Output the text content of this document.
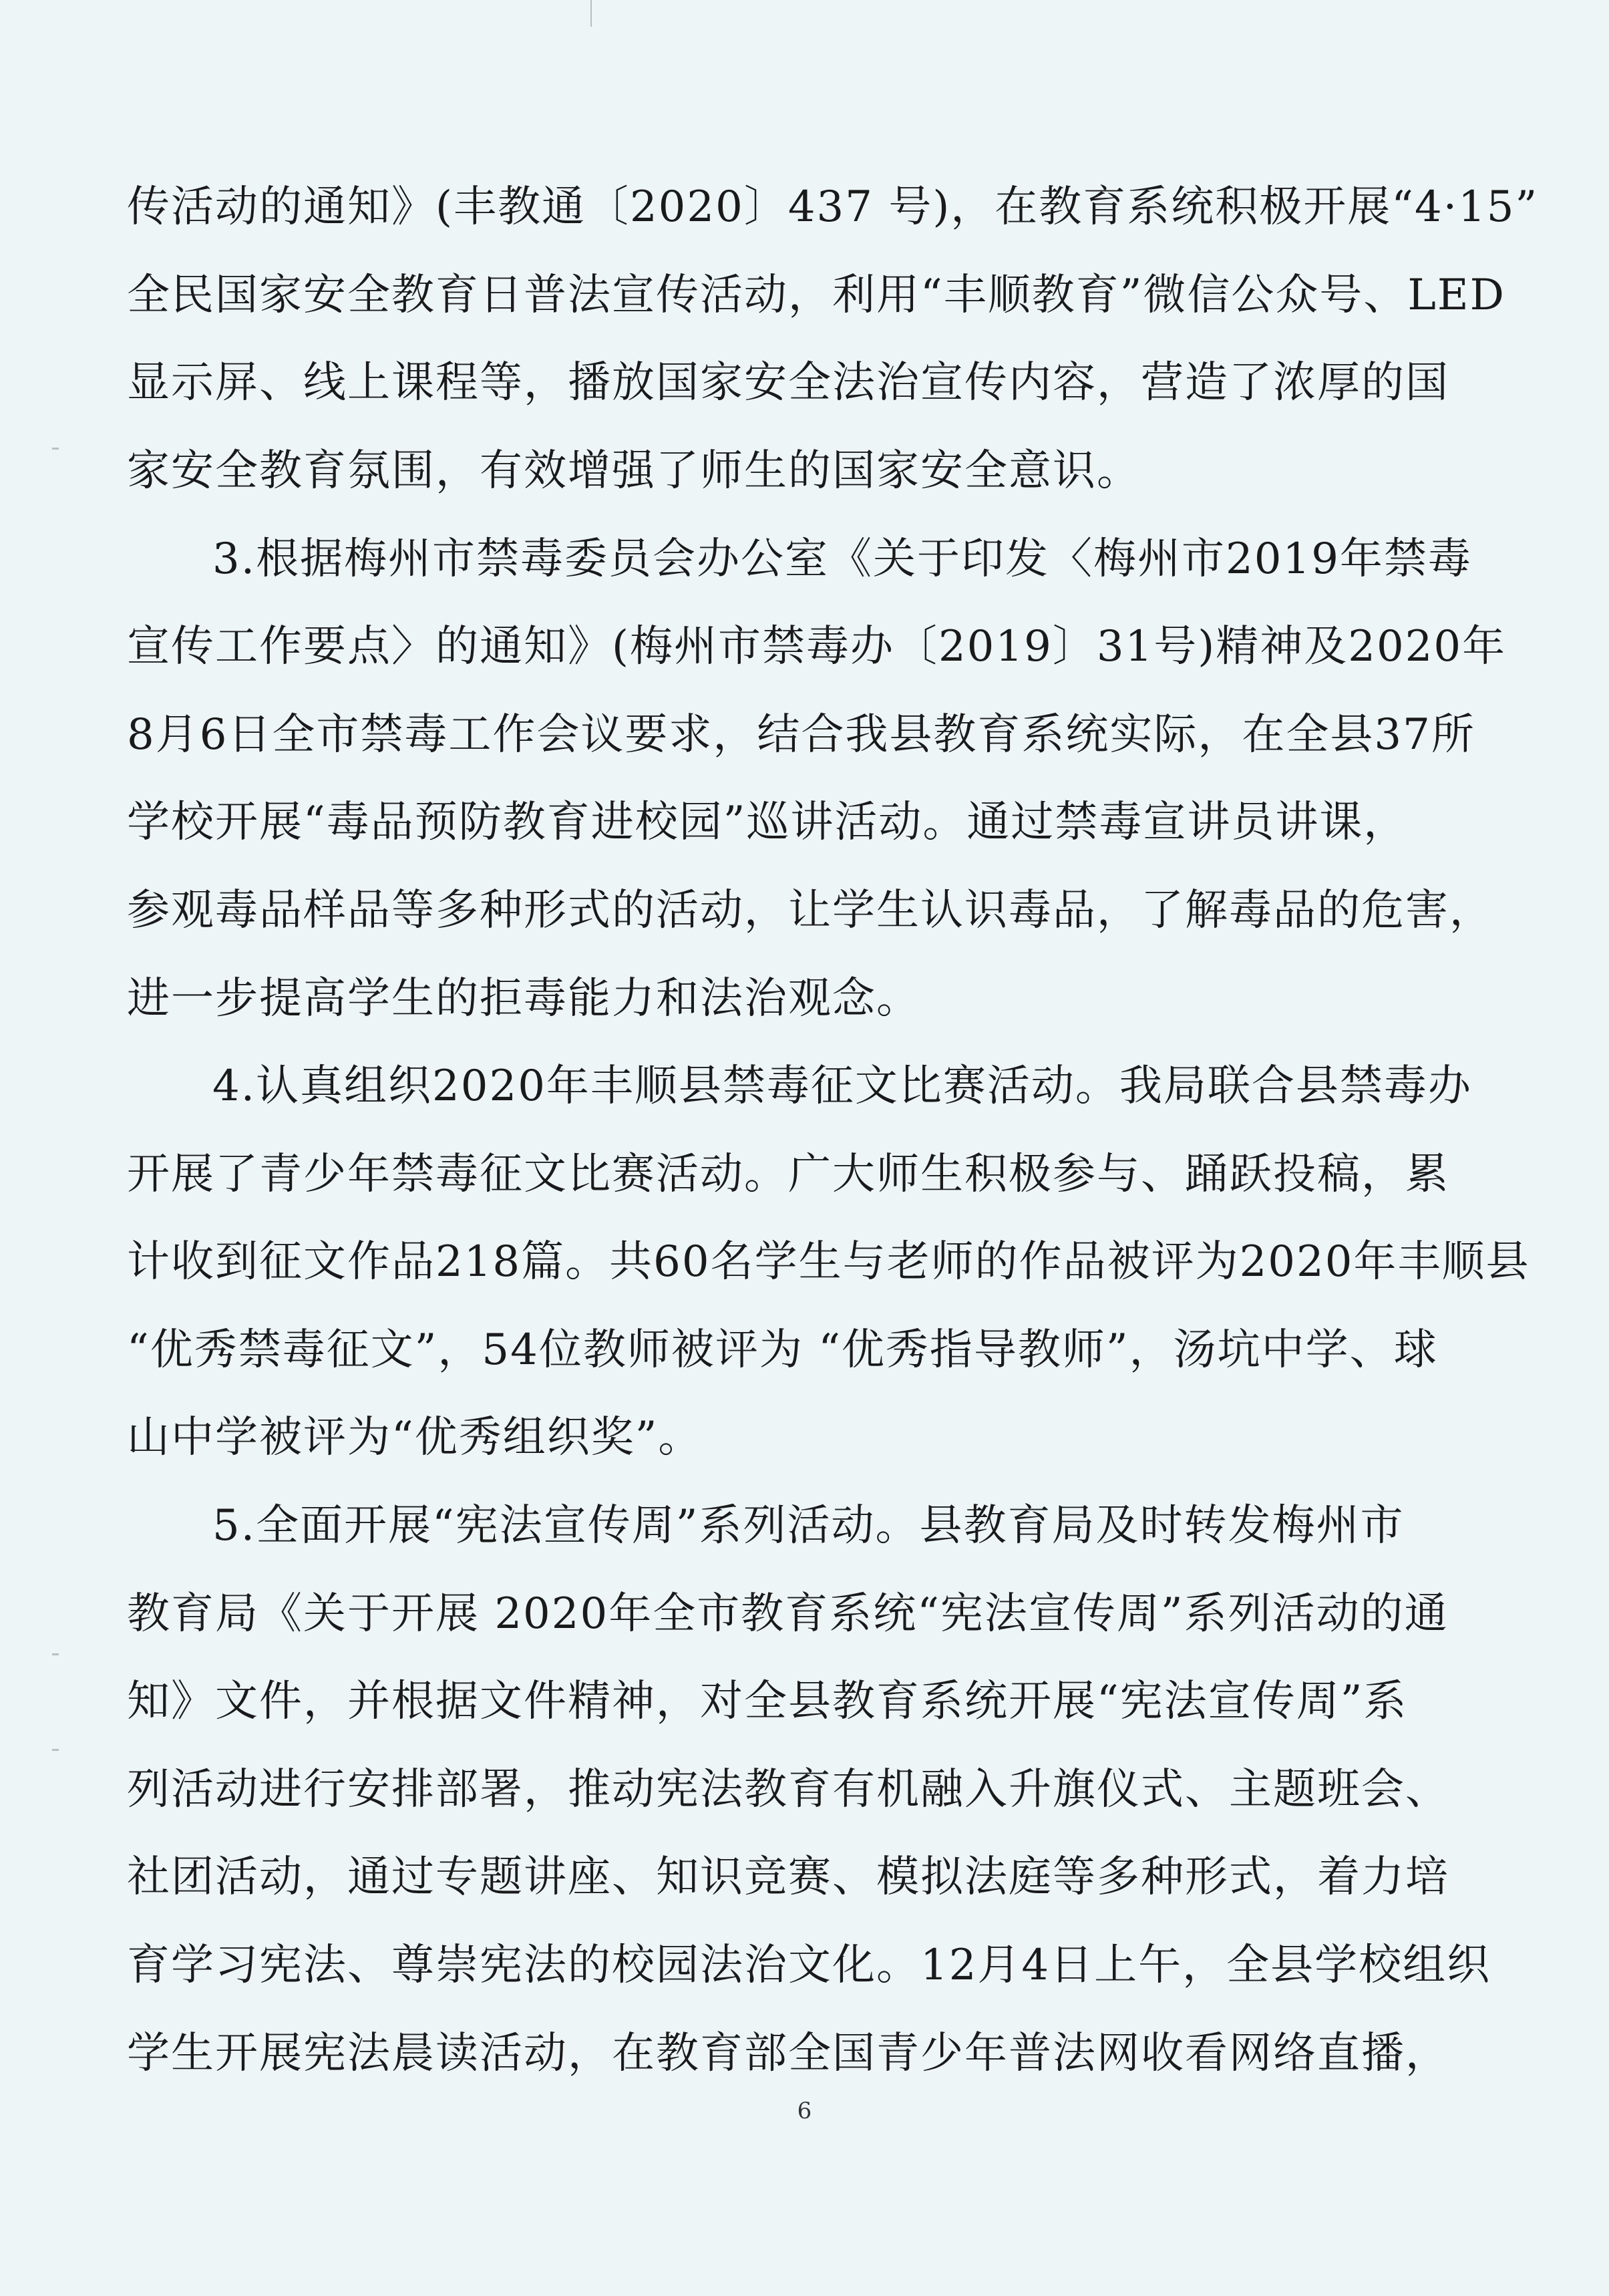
传活动的通知》(丰教通〔2020〕437 号)，在教育系统积极开展“4·15”
全民国家安全教育日普法宣传活动，利用“丰顺教育”微信公众号、LED
显示屏、线上课程等，播放国家安全法治宣传内容，营造了浓厚的国
家安全教育氛围，有效增强了师生的国家安全意识。
3.根据梅州市禁毒委员会办公室《关于印发〈梅州市2019年禁毒
宣传工作要点〉的通知》(梅州市禁毒办〔2019〕31号)精神及2020年
8月6日全市禁毒工作会议要求，结合我县教育系统实际，在全县37所
学校开展“毒品预防教育进校园”巡讲活动。通过禁毒宣讲员讲课，
参观毒品样品等多种形式的活动，让学生认识毒品，了解毒品的危害，
进一步提高学生的拒毒能力和法治观念。
4.认真组织2020年丰顺县禁毒征文比赛活动。我局联合县禁毒办
开展了青少年禁毒征文比赛活动。广大师生积极参与、踊跃投稿，累
计收到征文作品218篇。共60名学生与老师的作品被评为2020年丰顺县
“优秀禁毒征文”，54位教师被评为 “优秀指导教师”，汤坑中学、球
山中学被评为“优秀组织奖”。
5.全面开展“宪法宣传周”系列活动。县教育局及时转发梅州市
教育局《关于开展 2020年全市教育系统“宪法宣传周”系列活动的通
知》文件，并根据文件精神，对全县教育系统开展“宪法宣传周”系
列活动进行安排部署，推动宪法教育有机融入升旗仪式、主题班会、
社团活动，通过专题讲座、知识竞赛、模拟法庭等多种形式，着力培
育学习宪法、尊崇宪法的校园法治文化。12月4日上午，全县学校组织
学生开展宪法晨读活动，在教育部全国青少年普法网收看网络直播，
6
